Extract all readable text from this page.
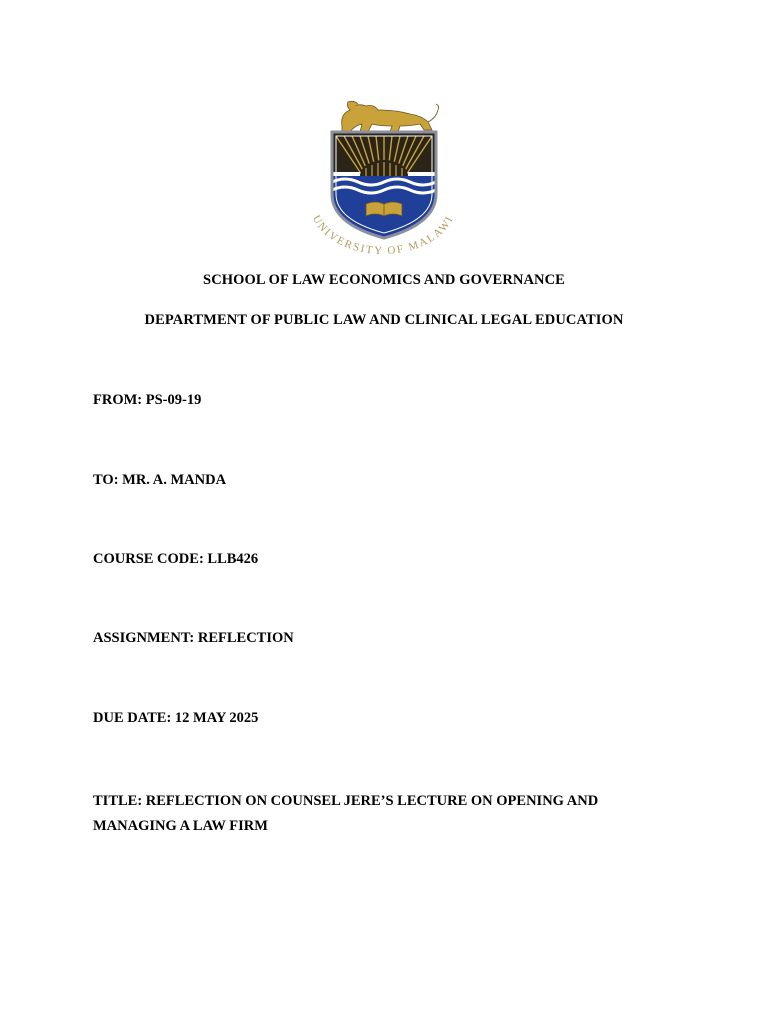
UNIVERSITY OF MALAWI
SCHOOL OF LAW ECONOMICS AND GOVERNANCE
DEPARTMENT OF PUBLIC LAW AND CLINICAL LEGAL EDUCATION
FROM: PS-09-19
TO: MR. A. MANDA
COURSE CODE: LLB426
ASSIGNMENT: REFLECTION
DUE DATE: 12 MAY 2025
TITLE: REFLECTION ON COUNSEL JERE’S LECTURE ON OPENING AND MANAGING A LAW FIRM
